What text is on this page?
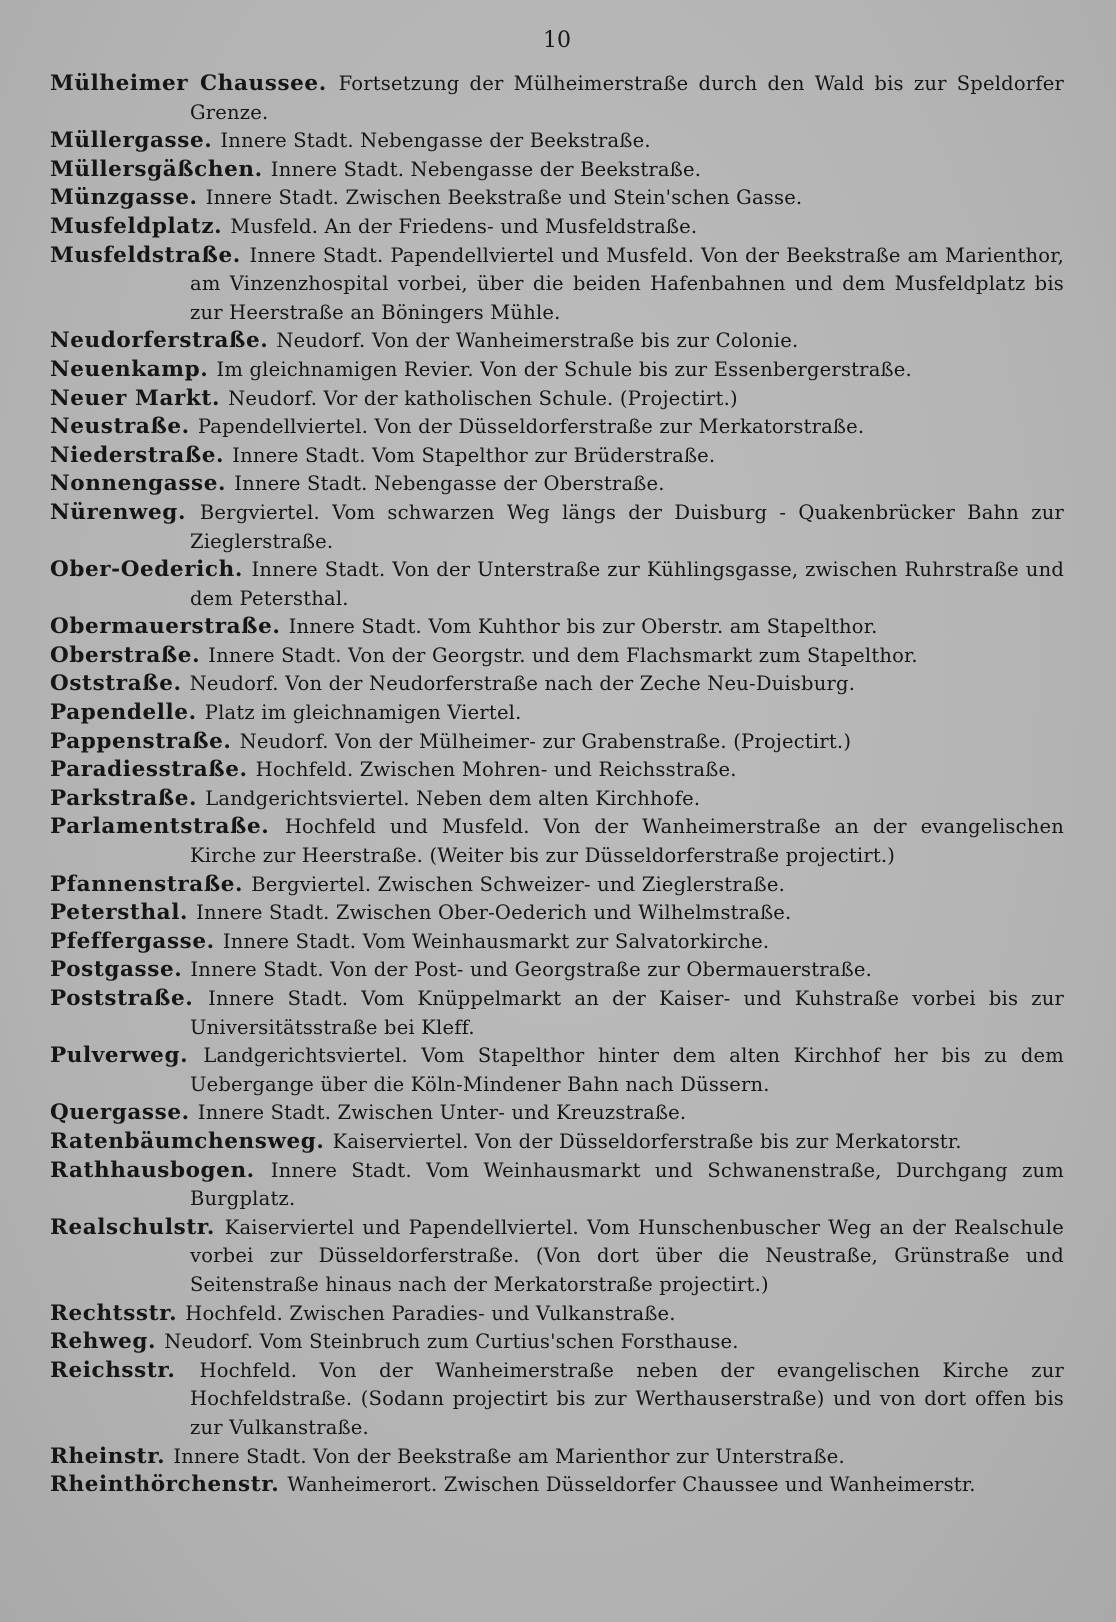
10

Mülheimer Chaussee. Fortsetzung der Mülheimerstraße durch den Wald bis zur Speldorfer Grenze.

Müllergasse. Innere Stadt. Nebengasse der Beekstraße.

Müllersgäßchen. Innere Stadt. Nebengasse der Beekstraße.

Münzgasse. Innere Stadt. Zwischen Beekstraße und Stein'schen Gasse.

Musfeldplatz. Musfeld. An der Friedens- und Musfeldstraße.

Musfeldstraße. Innere Stadt. Papendellviertel und Musfeld. Von der Beekstraße am Marienthor, am Vinzenzhospital vorbei, über die beiden Hafenbahnen und dem Musfeldplatz bis zur Heerstraße an Böningers Mühle.

Neudorferstraße. Neudorf. Von der Wanheimerstraße bis zur Colonie.

Neuenkamp. Im gleichnamigen Revier. Von der Schule bis zur Essenbergerstraße.

Neuer Markt. Neudorf. Vor der katholischen Schule. (Projectirt.)

Neustraße. Papendellviertel. Von der Düsseldorferstraße zur Merkatorstraße.

Niederstraße. Innere Stadt. Vom Stapelthor zur Brüderstraße.

Nonnengasse. Innere Stadt. Nebengasse der Oberstraße.

Nürenweg. Bergviertel. Vom schwarzen Weg längs der Duisburg - Quakenbrücker Bahn zur Zieglerstraße.

Ober-Oederich. Innere Stadt. Von der Unterstraße zur Kühlingsgasse, zwischen Ruhrstraße und dem Petersthal.

Obermauerstraße. Innere Stadt. Vom Kuhthor bis zur Oberstr. am Stapelthor.

Oberstraße. Innere Stadt. Von der Georgstr. und dem Flachsmarkt zum Stapelthor.

Oststraße. Neudorf. Von der Neudorferstraße nach der Zeche Neu-Duisburg.

Papendelle. Platz im gleichnamigen Viertel.

Pappenstraße. Neudorf. Von der Mülheimer- zur Grabenstraße. (Projectirt.)

Paradiesstraße. Hochfeld. Zwischen Mohren- und Reichsstraße.

Parkstraße. Landgerichtsviertel. Neben dem alten Kirchhofe.

Parlamentstraße. Hochfeld und Musfeld. Von der Wanheimerstraße an der evangelischen Kirche zur Heerstraße. (Weiter bis zur Düsseldorferstraße projectirt.)

Pfannenstraße. Bergviertel. Zwischen Schweizer- und Zieglerstraße.

Petersthal. Innere Stadt. Zwischen Ober-Oederich und Wilhelmstraße.

Pfeffergasse. Innere Stadt. Vom Weinhausmarkt zur Salvatorkirche.

Postgasse. Innere Stadt. Von der Post- und Georgstraße zur Obermauerstraße.

Poststraße. Innere Stadt. Vom Knüppelmarkt an der Kaiser- und Kuhstraße vorbei bis zur Universitätsstraße bei Kleff.

Pulverweg. Landgerichtsviertel. Vom Stapelthor hinter dem alten Kirchhof her bis zu dem Uebergange über die Köln-Mindener Bahn nach Düssern.

Quergasse. Innere Stadt. Zwischen Unter- und Kreuzstraße.

Ratenbäumchensweg. Kaiserviertel. Von der Düsseldorferstraße bis zur Merkatorstr.

Rathhausbogen. Innere Stadt. Vom Weinhausmarkt und Schwanenstraße, Durchgang zum Burgplatz.

Realschulstr. Kaiserviertel und Papendellviertel. Vom Hunschenbuscher Weg an der Realschule vorbei zur Düsseldorferstraße. (Von dort über die Neustraße, Grünstraße und Seitenstraße hinaus nach der Merkatorstraße projectirt.)

Rechtsstr. Hochfeld. Zwischen Paradies- und Vulkanstraße.

Rehweg. Neudorf. Vom Steinbruch zum Curtius'schen Forsthause.

Reichsstr. Hochfeld. Von der Wanheimerstraße neben der evangelischen Kirche zur Hochfeldstraße. (Sodann projectirt bis zur Werthauserstraße) und von dort offen bis zur Vulkanstraße.

Rheinstr. Innere Stadt. Von der Beekstraße am Marienthor zur Unterstraße.

Rheinthörchenstr. Wanheimerort. Zwischen Düsseldorfer Chaussee und Wanheimerstr.
